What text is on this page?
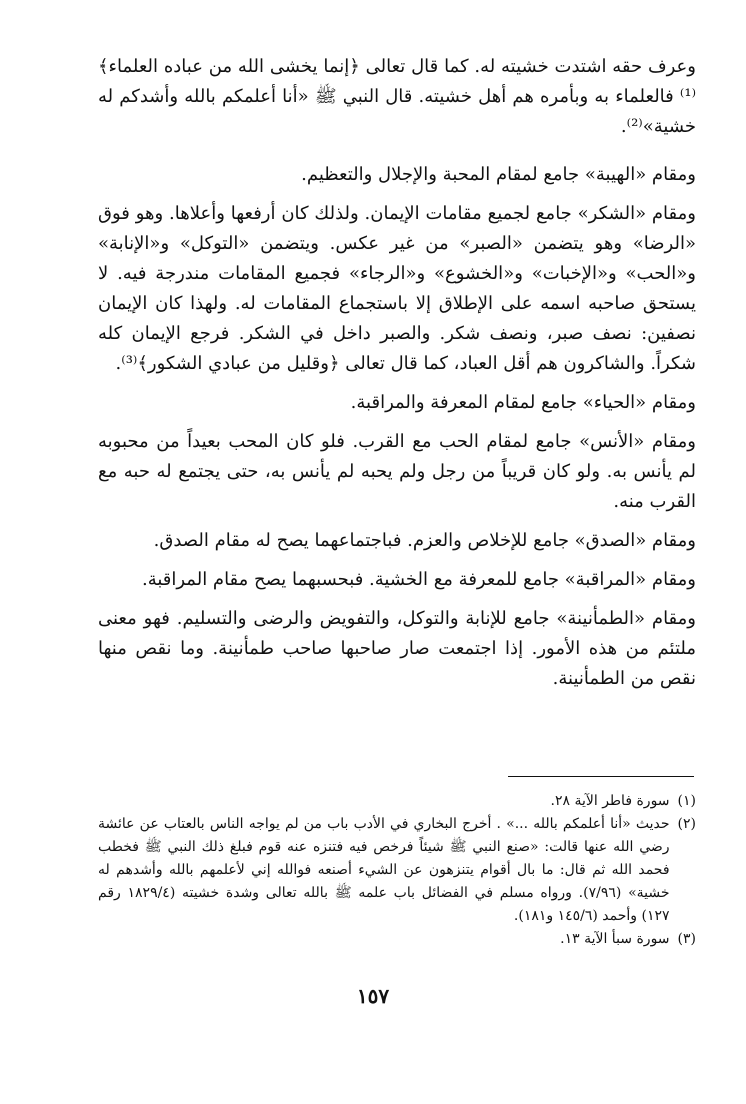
وعرف حقه اشتدت خشيته له. كما قال تعالى ﴿إنما يخشى الله من عباده العلماء﴾⁽¹⁾ فالعلماء به وبأمره هم أهل خشيته. قال النبي ﷺ «أنا أعلمكم بالله وأشدكم له خشية»⁽²⁾.

ومقام «الهيبة» جامع لمقام المحبة والإجلال والتعظيم.

ومقام «الشكر» جامع لجميع مقامات الإيمان. ولذلك كان أرفعها وأعلاها. وهو فوق «الرضا» وهو يتضمن «الصبر» من غير عكس. ويتضمن «التوكل» و«الإنابة» و«الحب» و«الإخبات» و«الخشوع» و«الرجاء» فجميع المقامات مندرجة فيه. لا يستحق صاحبه اسمه على الإطلاق إلا باستجماع المقامات له. ولهذا كان الإيمان نصفين: نصف صبر، ونصف شكر. والصبر داخل في الشكر. فرجع الإيمان كله شكراً. والشاكرون هم أقل العباد، كما قال تعالى ﴿وقليل من عبادي الشكور﴾⁽³⁾.

ومقام «الحياء» جامع لمقام المعرفة والمراقبة.

ومقام «الأنس» جامع لمقام الحب مع القرب. فلو كان المحب بعيداً من محبوبه لم يأنس به. ولو كان قريباً من رجل ولم يحبه لم يأنس به، حتى يجتمع له حبه مع القرب منه.

ومقام «الصدق» جامع للإخلاص والعزم. فباجتماعهما يصح له مقام الصدق.

ومقام «المراقبة» جامع للمعرفة مع الخشية. فبحسبهما يصح مقام المراقبة.

ومقام «الطمأنينة» جامع للإنابة والتوكل، والتفويض والرضى والتسليم. فهو معنى ملتئم من هذه الأمور. إذا اجتمعت صار صاحبها صاحب طمأنينة. وما نقص منها نقص من الطمأنينة.

(١)
سورة فاطر الآية ٢٨.
(٢)
حديث «أنا أعلمكم بالله ...» . أخرج البخاري في الأدب باب من لم يواجه الناس بالعتاب عن عائشة رضي الله عنها قالت: «صنع النبي ﷺ شيئاً فرخص فيه فتنزه عنه قوم فبلغ ذلك النبي ﷺ فخطب فحمد الله ثم قال: ما بال أقوام يتنزهون عن الشيء أصنعه فوالله إني لأعلمهم بالله وأشدهم له خشية» (٧/٩٦). ورواه مسلم في الفضائل باب علمه ﷺ بالله تعالى وشدة خشيته (١٨٢٩/٤ رقم ١٢٧) وأحمد (١٤٥/٦ و١٨١).
(٣)
سورة سبأ الآية ١٣.
١٥٧
